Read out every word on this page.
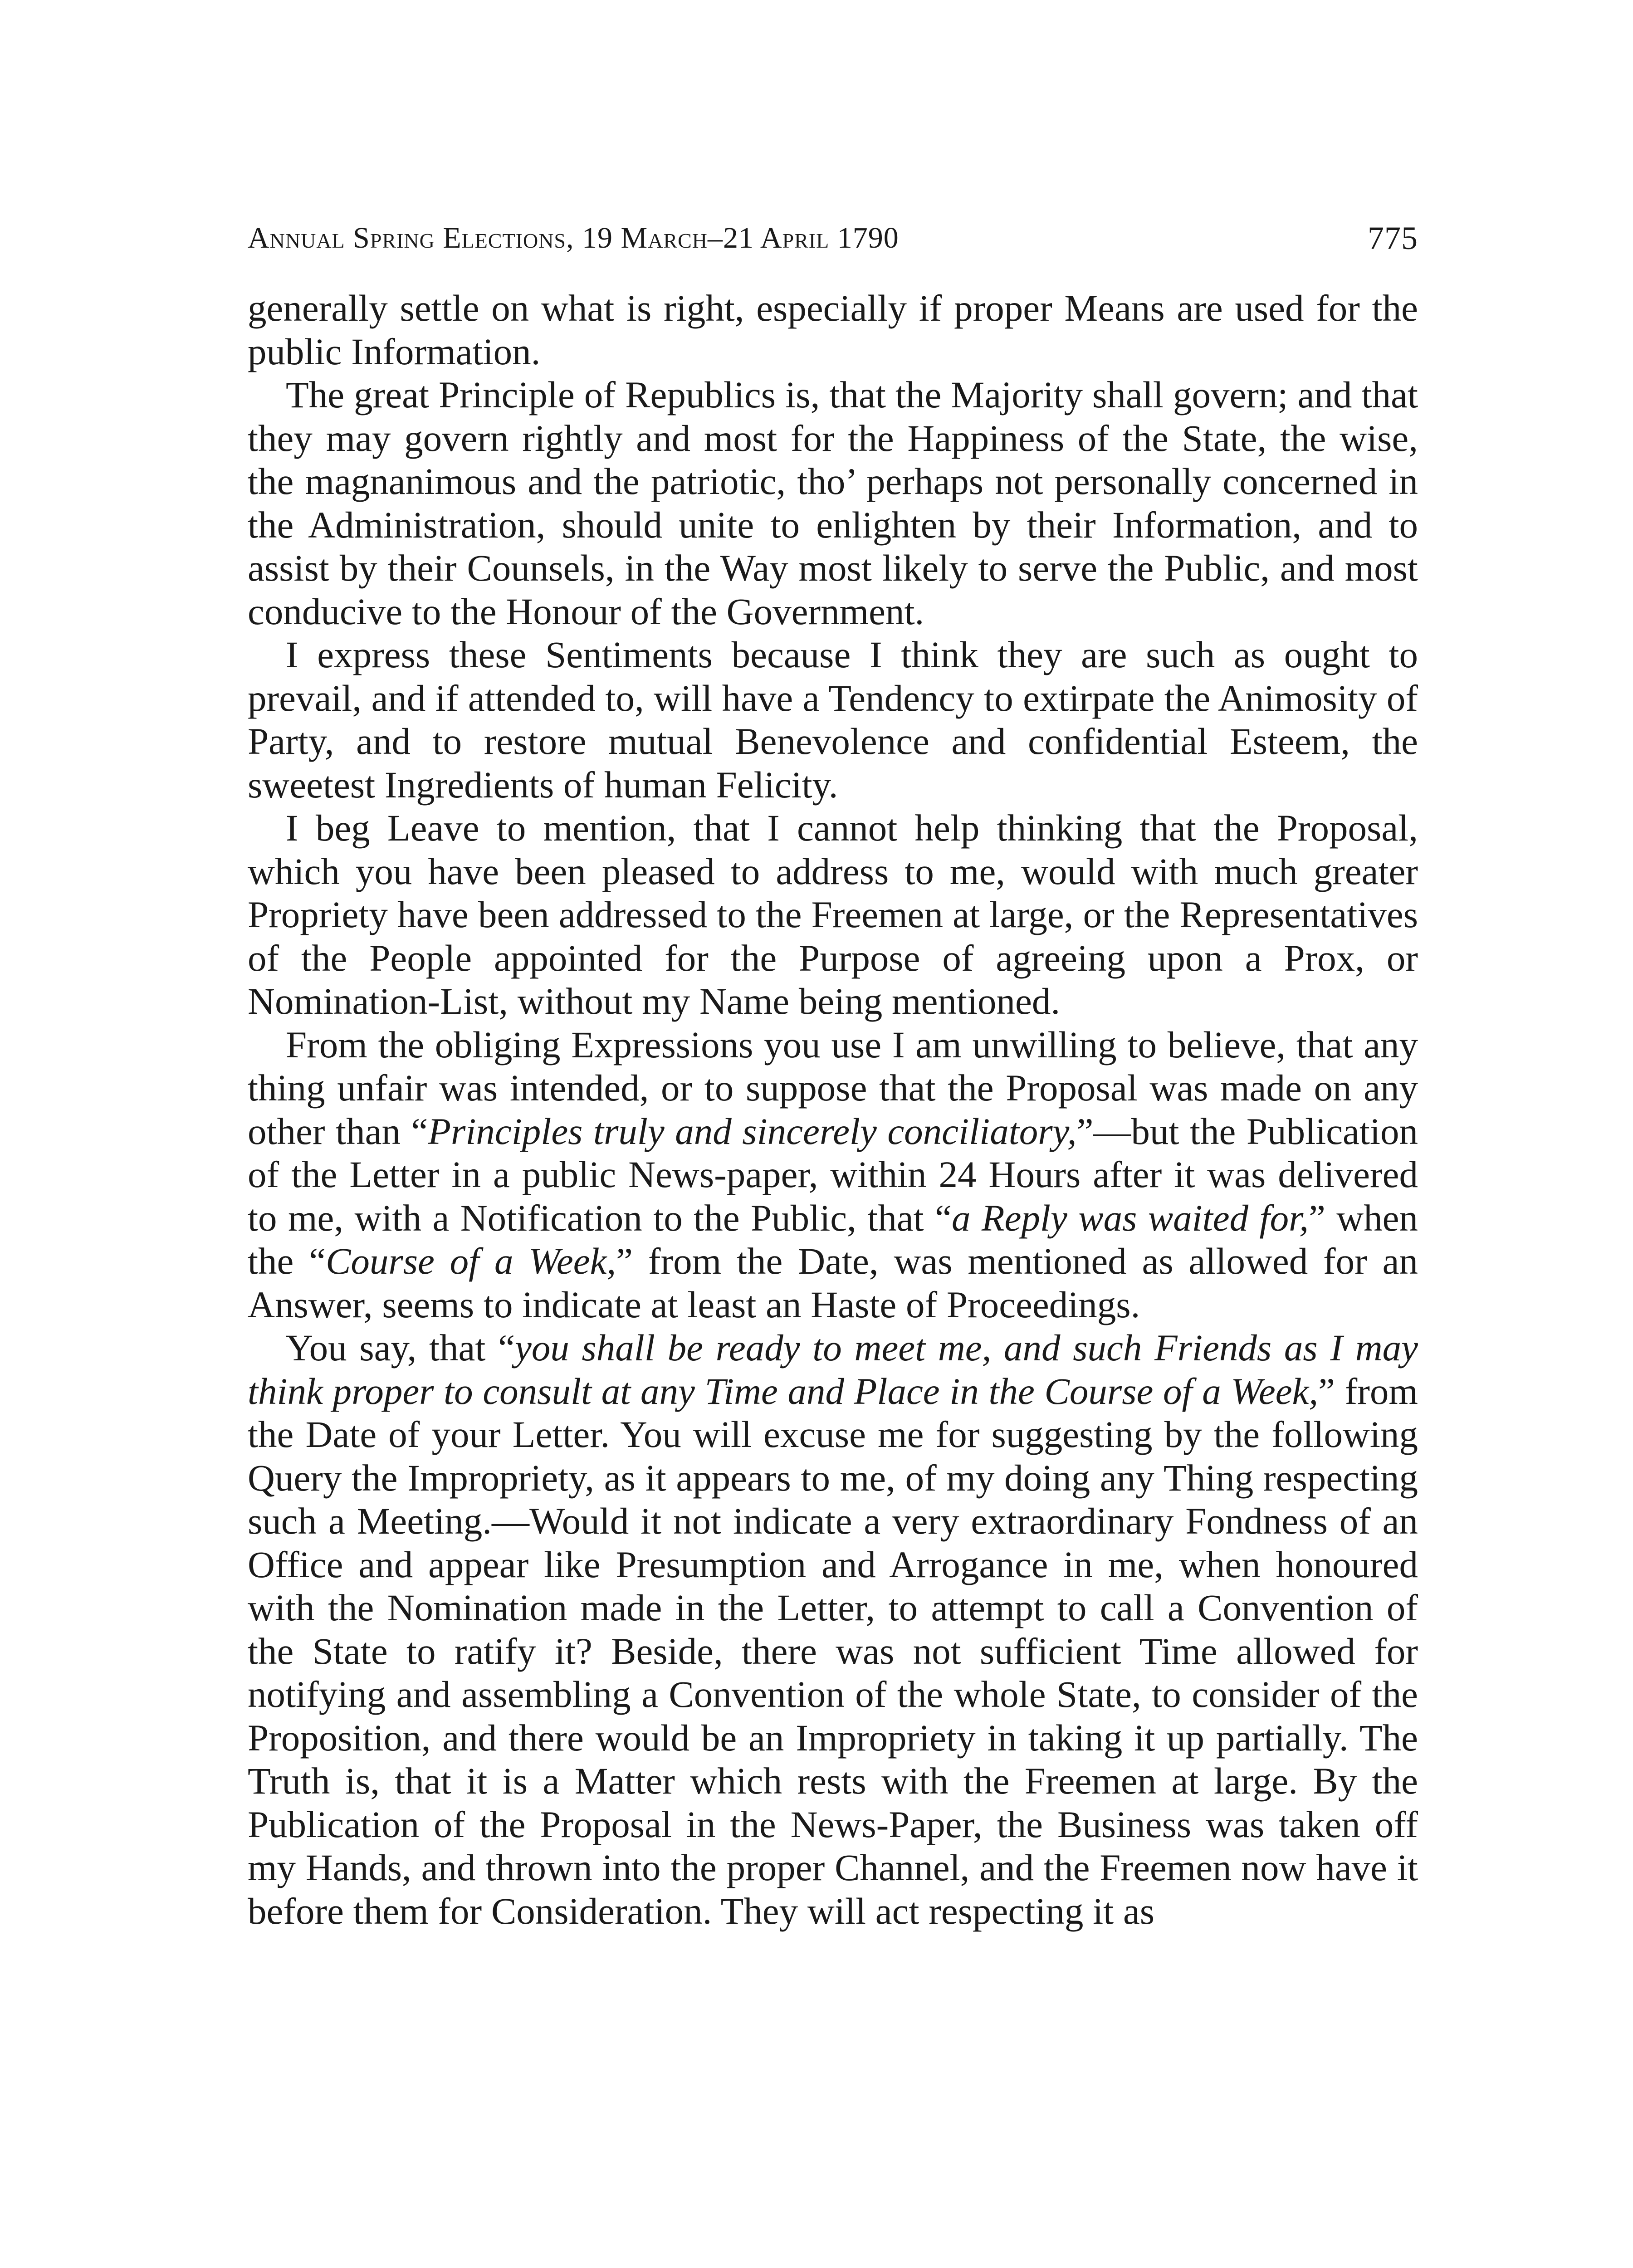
Annual Spring Elections, 19 March–21 April 1790	775

generally settle on what is right, especially if proper Means are used for the public Information.

The great Principle of Republics is, that the Majority shall govern; and that they may govern rightly and most for the Happiness of the State, the wise, the magnanimous and the patriotic, tho’ perhaps not personally concerned in the Administration, should unite to enlighten by their Information, and to assist by their Counsels, in the Way most likely to serve the Public, and most conducive to the Honour of the Government.

I express these Sentiments because I think they are such as ought to prevail, and if attended to, will have a Tendency to extirpate the Animosity of Party, and to restore mutual Benevolence and confidential Esteem, the sweetest Ingredients of human Felicity.

I beg Leave to mention, that I cannot help thinking that the Proposal, which you have been pleased to address to me, would with much greater Propriety have been addressed to the Freemen at large, or the Representatives of the People appointed for the Purpose of agreeing upon a Prox, or Nomination-List, without my Name being mentioned.

From the obliging Expressions you use I am unwilling to believe, that any thing unfair was intended, or to suppose that the Proposal was made on any other than “Principles truly and sincerely conciliatory,”—but the Publication of the Letter in a public News-paper, within 24 Hours after it was delivered to me, with a Notification to the Public, that “a Reply was waited for,” when the “Course of a Week,” from the Date, was mentioned as allowed for an Answer, seems to indicate at least an Haste of Proceedings.

You say, that “you shall be ready to meet me, and such Friends as I may think proper to consult at any Time and Place in the Course of a Week,” from the Date of your Letter. You will excuse me for suggesting by the following Query the Impropriety, as it appears to me, of my doing any Thing respecting such a Meeting.—Would it not indicate a very extraordinary Fondness of an Office and appear like Presumption and Arrogance in me, when honoured with the Nomination made in the Letter, to attempt to call a Convention of the State to ratify it? Beside, there was not sufficient Time allowed for notifying and assembling a Convention of the whole State, to consider of the Proposition, and there would be an Impropriety in taking it up partially. The Truth is, that it is a Matter which rests with the Freemen at large. By the Publication of the Proposal in the News-Paper, the Business was taken off my Hands, and thrown into the proper Channel, and the Freemen now have it before them for Consideration. They will act respecting it as
